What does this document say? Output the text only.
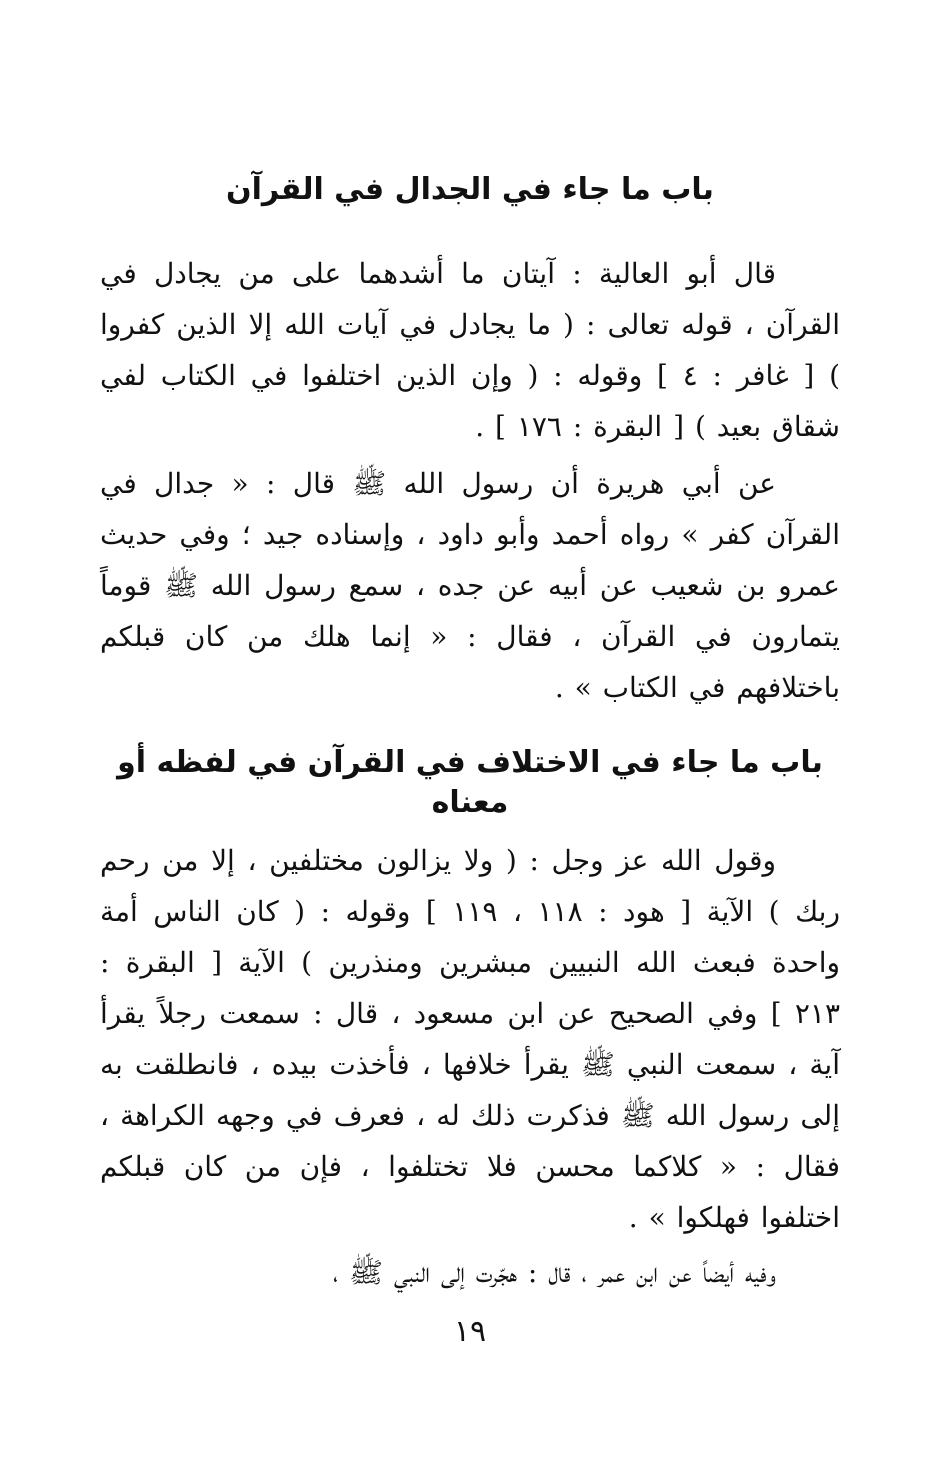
باب ما جاء في الجدال في القرآن

قال أبو العالية : آيتان ما أشدهما على من يجادل في القرآن ، قوله تعالى : ( ما يجادل في آيات الله إلا الذين كفروا ) [ غافر : ٤ ] وقوله : ( وإن الذين اختلفوا في الكتاب لفي شقاق بعيد ) [ البقرة : ١٧٦ ] .

عن أبي هريرة أن رسول الله ﷺ قال : « جدال في القرآن كفر » رواه أحمد وأبو داود ، وإسناده جيد ؛ وفي حديث عمرو بن شعيب عن أبيه عن جده ، سمع رسول الله ﷺ قوماً يتمارون في القرآن ، فقال : « إنما هلك من كان قبلكم باختلافهم في الكتاب » .

باب ما جاء في الاختلاف في القرآن في لفظه أو معناه

وقول الله عز وجل : ( ولا يزالون مختلفين ، إلا من رحم ربك ) الآية [ هود : ١١٨ ، ١١٩ ] وقوله : ( كان الناس أمة واحدة فبعث الله النبيين مبشرين ومنذرين ) الآية [ البقرة : ٢١٣ ] وفي الصحيح عن ابن مسعود ، قال : سمعت رجلاً يقرأ آية ، سمعت النبي ﷺ يقرأ خلافها ، فأخذت بيده ، فانطلقت به إلى رسول الله ﷺ فذكرت ذلك له ، فعرف في وجهه الكراهة ، فقال : « كلاكما محسن فلا تختلفوا ، فإن من كان قبلكم اختلفوا فهلكوا » .

وفيه أيضاً عن ابن عمر ، قال : هجّرت إلى النبي ﷺ ،

١٩
